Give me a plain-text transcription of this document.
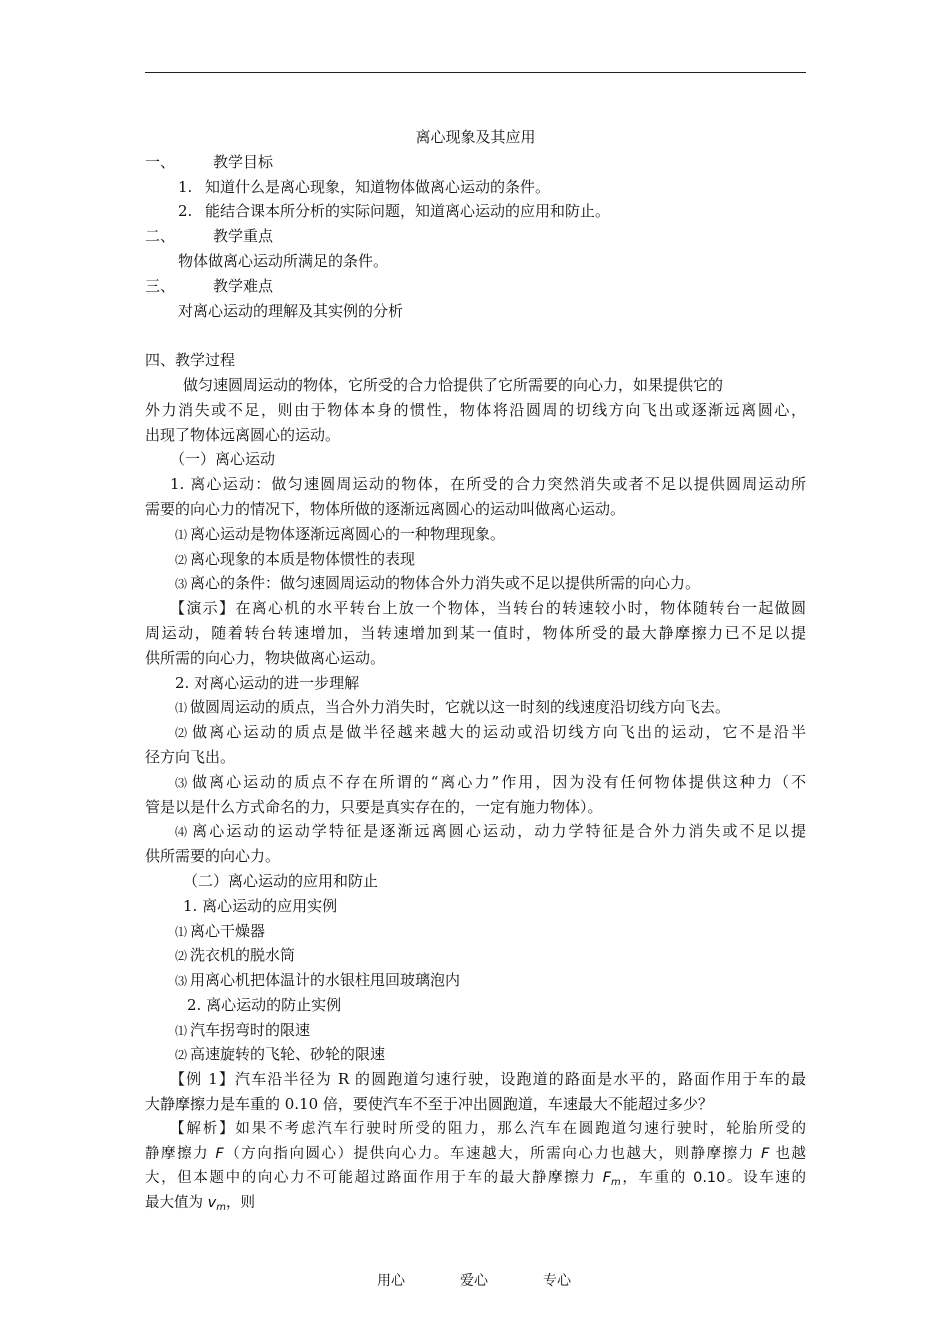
离心现象及其应用
一、	教学目标
1. 知道什么是离心现象，知道物体做离心运动的条件。
2. 能结合课本所分析的实际问题，知道离心运动的应用和防止。
二、	教学重点
物体做离心运动所满足的条件。
三、	教学难点
对离心运动的理解及其实例的分析
四、教学过程
做匀速圆周运动的物体，它所受的合力恰提供了它所需要的向心力，如果提供它的
外力消失或不足，则由于物体本身的惯性，物体将沿圆周的切线方向飞出或逐渐远离圆心，
出现了物体远离圆心的运动。
（一）离心运动
1. 离心运动：做匀速圆周运动的物体，在所受的合力突然消失或者不足以提供圆周运动所
需要的向心力的情况下，物体所做的逐渐远离圆心的运动叫做离心运动。
⑴ 离心运动是物体逐渐远离圆心的一种物理现象。
⑵ 离心现象的本质是物体惯性的表现
⑶ 离心的条件：做匀速圆周运动的物体合外力消失或不足以提供所需的向心力。
【演示】在离心机的水平转台上放一个物体，当转台的转速较小时，物体随转台一起做圆
周运动，随着转台转速增加，当转速增加到某一值时，物体所受的最大静摩擦力已不足以提
供所需的向心力，物块做离心运动。
2. 对离心运动的进一步理解
⑴ 做圆周运动的质点，当合外力消失时，它就以这一时刻的线速度沿切线方向飞去。
⑵ 做离心运动的质点是做半径越来越大的运动或沿切线方向飞出的运动，它不是沿半
径方向飞出。
⑶ 做离心运动的质点不存在所谓的“离心力”作用，因为没有任何物体提供这种力（不
管是以是什么方式命名的力，只要是真实存在的，一定有施力物体）。
⑷ 离心运动的运动学特征是逐渐远离圆心运动，动力学特征是合外力消失或不足以提
供所需要的向心力。
（二）离心运动的应用和防止
1. 离心运动的应用实例
⑴ 离心干燥器
⑵ 洗衣机的脱水筒
⑶ 用离心机把体温计的水银柱甩回玻璃泡内
2. 离心运动的防止实例
⑴ 汽车拐弯时的限速
⑵ 高速旋转的飞轮、砂轮的限速
【例 1】汽车沿半径为 R 的圆跑道匀速行驶，设跑道的路面是水平的，路面作用于车的最
大静摩擦力是车重的 0.10 倍，要使汽车不至于冲出圆跑道，车速最大不能超过多少？
【解析】如果不考虑汽车行驶时所受的阻力，那么汽车在圆跑道匀速行驶时，轮胎所受的
静摩擦力 F（方向指向圆心）提供向心力。车速越大，所需向心力也越大，则静摩擦力 F 也越
大，但本题中的向心力不可能超过路面作用于车的最大静摩擦力 $F_m$，车重的 0.10。设车速的
最大值为 $v_m$，则
用心	爱心	专心
